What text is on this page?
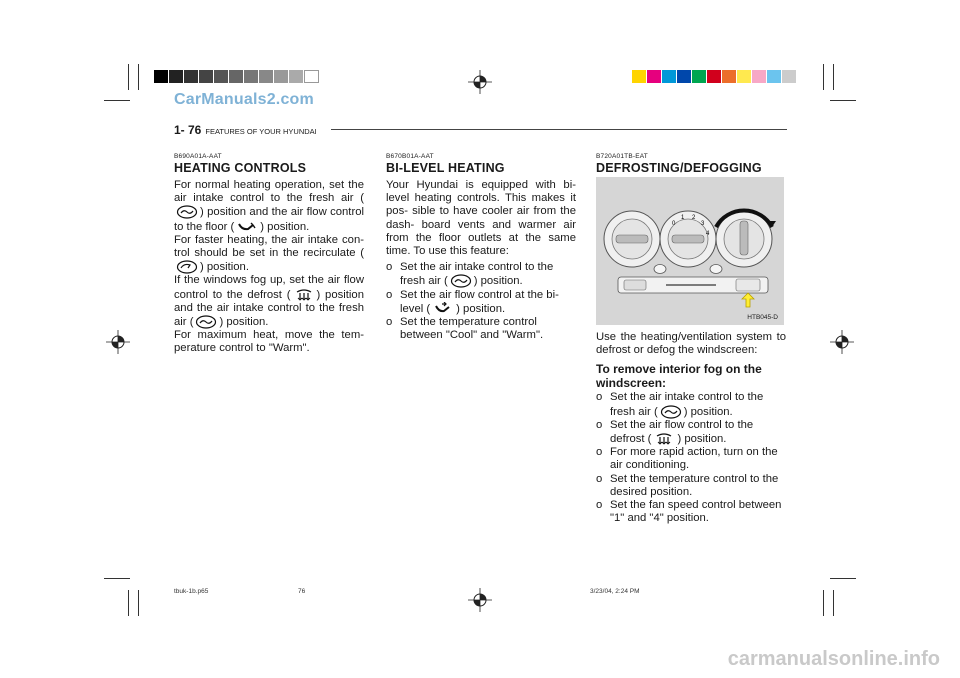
CarManuals2.com
1- 76 FEATURES OF YOUR HYUNDAI
B690A01A-AAT
HEATING CONTROLS

For normal heating operation, set the air intake control to the fresh air () position and the air flow control to the floor ( ) position.

For faster heating, the air intake con- trol should be set in the recirculate () position.

If the windows fog up, set the air flow control to the defrost ( ) position and the air intake control to the fresh air ( ) position.

For maximum heat, move the tem- perature control to "Warm".

B670B01A-AAT
BI-LEVEL HEATING

Your Hyundai is equipped with bi-level heating controls. This makes it pos- sible to have cooler air from the dash- board vents and warmer air from the floor outlets at the same time. To use this feature:

o Set the air intake control to the fresh air ( ) position.
o Set the air flow control at the bi-level ( ) position.
o Set the temperature control between "Cool" and "Warm".
B720A01TB-EAT
DEFROSTING/DEFOGGING
0
1 2
3
4
HTB045-D

Use the heating/ventilation system to defrost or defog the windscreen:

To remove interior fog on the windscreen:
o Set the air intake control to the fresh air ( ) position.
o Set the air flow control to the defrost ( ) position.
o For more rapid action, turn on the air conditioning.
o Set the temperature control to the desired position.
o Set the fan speed control between "1" and "4" position.
tbuk-1b.p65	76	3/23/04, 2:24 PM
carmanualsonline.info
